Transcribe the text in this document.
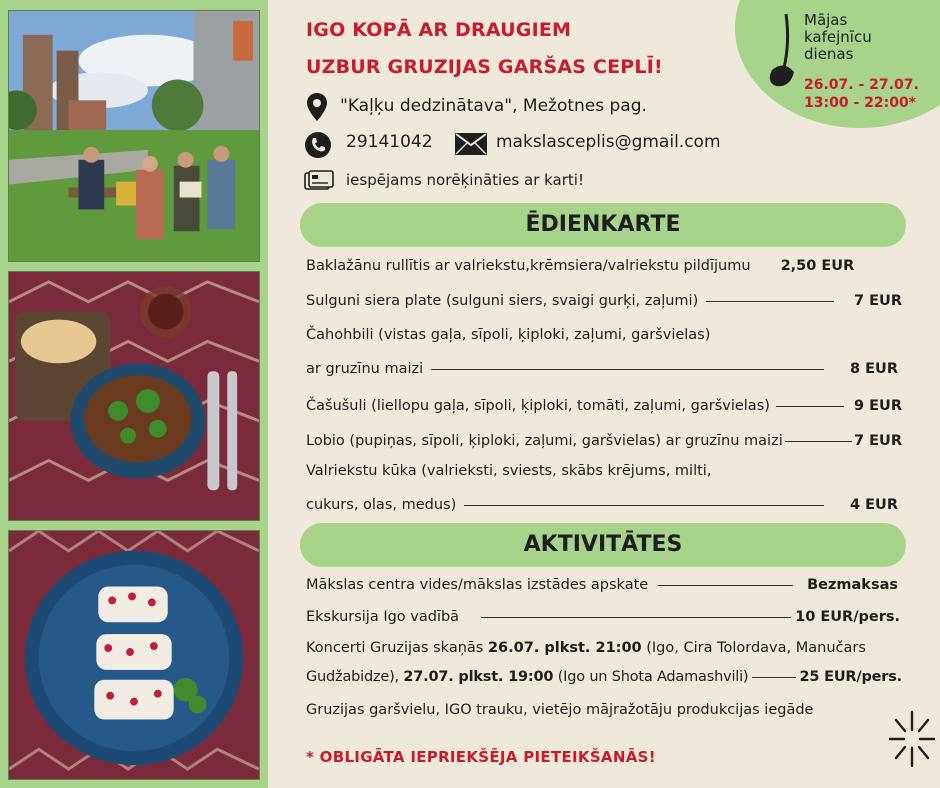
Mājas kafejnīcu dienas
26.07. - 27.07.
13:00 - 22:00*
IGO KOPĀ AR DRAUGIEM
UZBUR GRUZIJAS GARŠAS CEPLĪ!
"Kaļķu dedzinātava", Mežotnes pag.
29141042	makslasceplis@gmail.com
iespējams norēķināties ar karti!
ĒDIENKARTE
Baklažānu rullītis ar valriekstu,krēmsiera/valriekstu pildījumu 2,50 EUR
Sulguni siera plate (sulguni siers, svaigi gurķi, zaļumi)	7 EUR
Čahohbili (vistas gaļa, sīpoli, ķiploki, zaļumi, garšvielas)
ar gruzīnu maizi	8 EUR
Čašušuli (liellopu gaļa, sīpoli, ķiploki, tomāti, zaļumi, garšvielas)	9 EUR
Lobio (pupiņas, sīpoli, ķiploki, zaļumi, garšvielas) ar gruzīnu maizi	7 EUR
Valriekstu kūka (valrieksti, sviests, skābs krējums, milti,
cukurs, olas, medus)	4 EUR
AKTIVITĀTES
Mākslas centra vides/mākslas izstādes apskate	Bezmaksas
Ekskursija Igo vadībā	10 EUR/pers.
Koncerti Gruzijas skaņās 26.07. plkst. 21:00 (Igo, Cira Tolordava, Manučars
Gudžabidze), 27.07. plkst. 19:00 (Igo un Shota Adamashvili)	25 EUR/pers.
Gruzijas garšvielu, IGO trauku, vietējo mājražotāju produkcijas iegāde
* OBLIGĀTA IEPRIEKŠĒJA PIETEIKŠANĀS!
